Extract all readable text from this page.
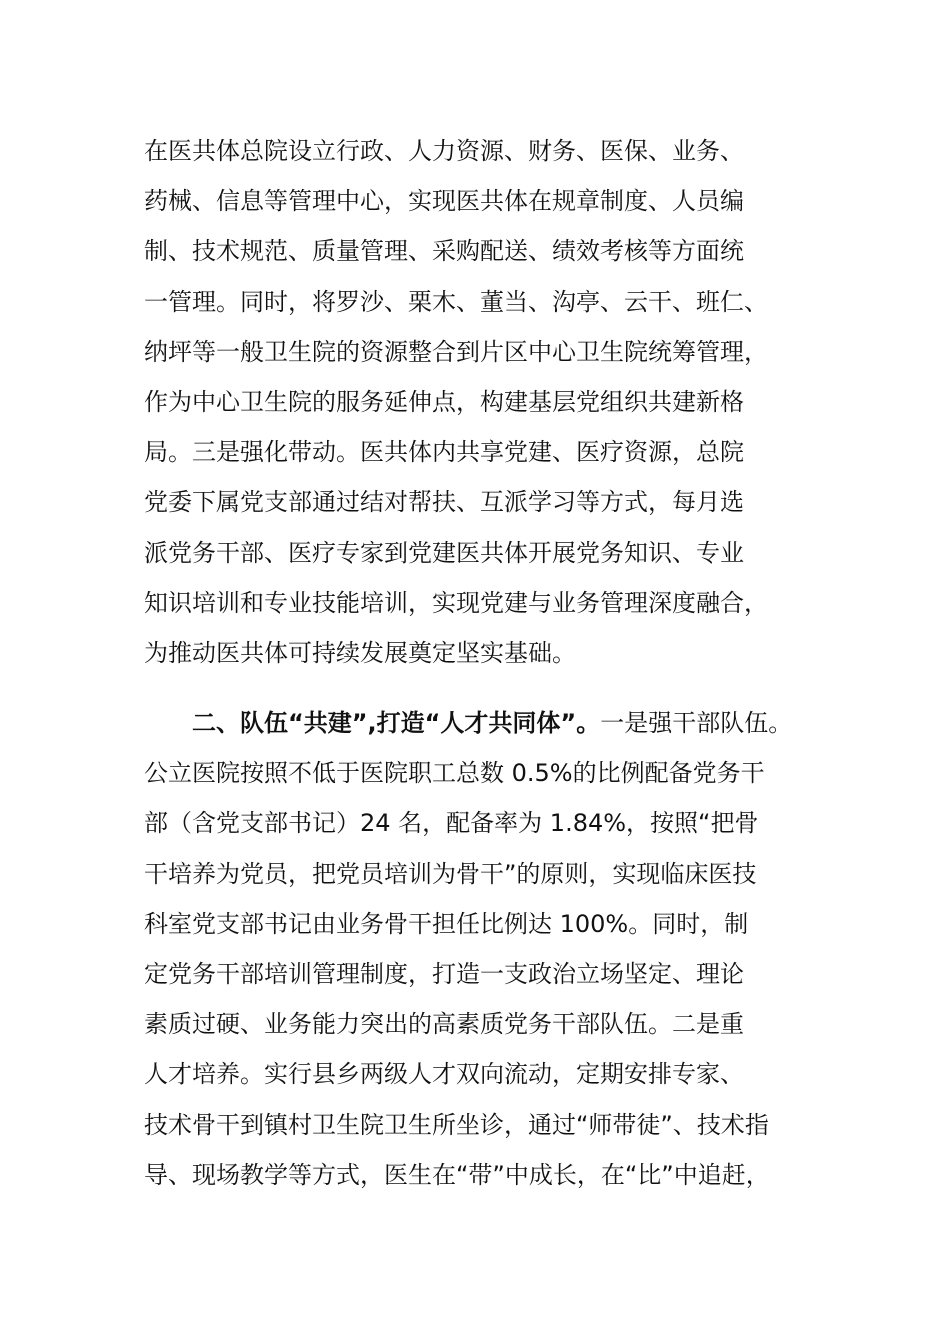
在医共体总院设立行政、人力资源、财务、医保、业务、
药械、信息等管理中心，实现医共体在规章制度、人员编
制、技术规范、质量管理、采购配送、绩效考核等方面统
一管理。同时，将罗沙、栗木、董当、沟亭、云干、班仁、
纳坪等一般卫生院的资源整合到片区中心卫生院统筹管理，
作为中心卫生院的服务延伸点，构建基层党组织共建新格
局。三是强化带动。医共体内共享党建、医疗资源，总院
党委下属党支部通过结对帮扶、互派学习等方式，每月选
派党务干部、医疗专家到党建医共体开展党务知识、专业
知识培训和专业技能培训，实现党建与业务管理深度融合，
为推动医共体可持续发展奠定坚实基础。
二、队伍“共建”,打造“人才共同体”。一是强干部队伍。
公立医院按照不低于医院职工总数 0.5%的比例配备党务干
部（含党支部书记）24 名，配备率为 1.84%，按照“把骨
干培养为党员，把党员培训为骨干”的原则，实现临床医技
科室党支部书记由业务骨干担任比例达 100%。同时，制
定党务干部培训管理制度，打造一支政治立场坚定、理论
素质过硬、业务能力突出的高素质党务干部队伍。二是重
人才培养。实行县乡两级人才双向流动，定期安排专家、
技术骨干到镇村卫生院卫生所坐诊，通过“师带徒”、技术指
导、现场教学等方式，医生在“带”中成长，在“比”中追赶，
